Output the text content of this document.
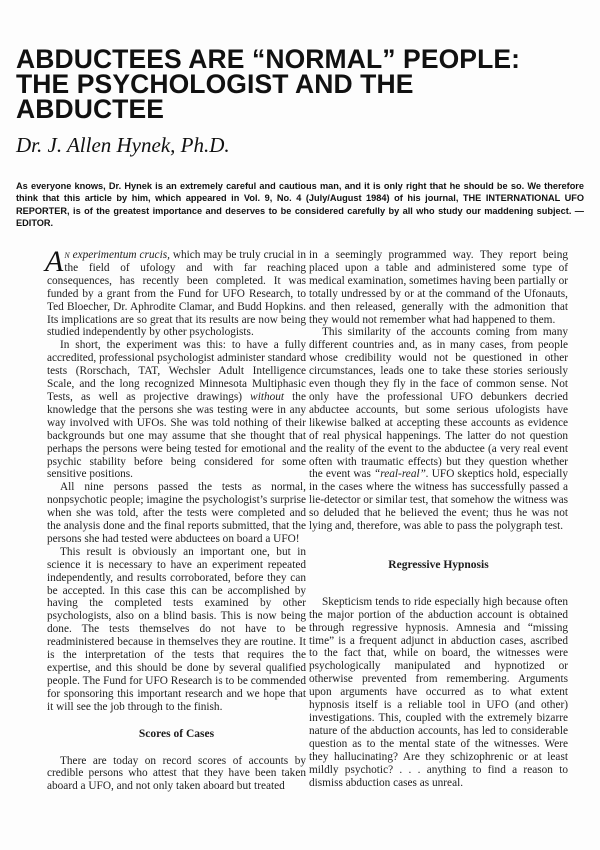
ABDUCTEES ARE “NORMAL” PEOPLE:
THE PSYCHOLOGIST AND THE
ABDUCTEE
Dr. J. Allen Hynek, Ph.D.
As everyone knows, Dr. Hynek is an extremely careful and cautious man, and it is only right that he should be so. We therefore think that this article by him, which appeared in Vol. 9, No. 4 (July/August 1984) of his journal, THE INTERNATIONAL UFO REPORTER, is of the greatest importance and deserves to be considered carefully by all who study our maddening subject. — EDITOR.

An experimentum crucis, which may be truly crucial in the field of ufology and with far reaching consequences, has recently been completed. It was funded by a grant from the Fund for UFO Research, to Ted Bloecher, Dr. Aphrodite Clamar, and Budd Hopkins. Its implications are so great that its results are now being studied independently by other psychologists.

In short, the experiment was this: to have a fully accredited, professional psychologist administer standard tests (Rorschach, TAT, Wechsler Adult Intelligence Scale, and the long recognized Minnesota Multiphasic Tests, as well as projective drawings) without the knowledge that the persons she was testing were in any way involved with UFOs. She was told nothing of their backgrounds but one may assume that she thought that perhaps the persons were being tested for emotional and psychic stability before being considered for some sensitive positions.

All nine persons passed the tests as normal, nonpsychotic people; imagine the psychologist’s surprise when she was told, after the tests were completed and the analysis done and the final reports submitted, that the persons she had tested were abductees on board a UFO!

This result is obviously an important one, but in science it is necessary to have an experiment repeated independently, and results corroborated, before they can be accepted. In this case this can be accomplished by having the completed tests examined by other psychologists, also on a blind basis. This is now being done. The tests themselves do not have to be readministered because in themselves they are routine. It is the interpretation of the tests that requires the expertise, and this should be done by several qualified people. The Fund for UFO Research is to be commended for sponsoring this important research and we hope that it will see the job through to the finish.

Scores of Cases

There are today on record scores of accounts by credible persons who attest that they have been taken aboard a UFO, and not only taken aboard but treated

in a seemingly programmed way. They report being placed upon a table and administered some type of medical examination, sometimes having been partially or totally undressed by or at the command of the Ufonauts, and then released, generally with the admonition that they would not remember what had happened to them.

This similarity of the accounts coming from many different countries and, as in many cases, from people whose credibility would not be questioned in other circumstances, leads one to take these stories seriously even though they fly in the face of common sense. Not only have the professional UFO debunkers decried abductee accounts, but some serious ufologists have likewise balked at accepting these accounts as evidence of real physical happenings. The latter do not question the reality of the event to the abductee (a very real event often with traumatic effects) but they question whether the event was “real-real”. UFO skeptics hold, especially in the cases where the witness has successfully passed a lie-detector or similar test, that somehow the witness was so deluded that he believed the event; thus he was not lying and, therefore, was able to pass the polygraph test.

Regressive Hypnosis

Skepticism tends to ride especially high because often the major portion of the abduction account is obtained through regressive hypnosis. Amnesia and “missing time” is a frequent adjunct in abduction cases, ascribed to the fact that, while on board, the witnesses were psychologically manipulated and hypnotized or otherwise prevented from remembering. Arguments upon arguments have occurred as to what extent hypnosis itself is a reliable tool in UFO (and other) investigations. This, coupled with the extremely bizarre nature of the abduction accounts, has led to considerable question as to the mental state of the witnesses. Were they hallucinating? Are they schizophrenic or at least mildly psychotic? . . . anything to find a reason to dismiss abduction cases as unreal.
